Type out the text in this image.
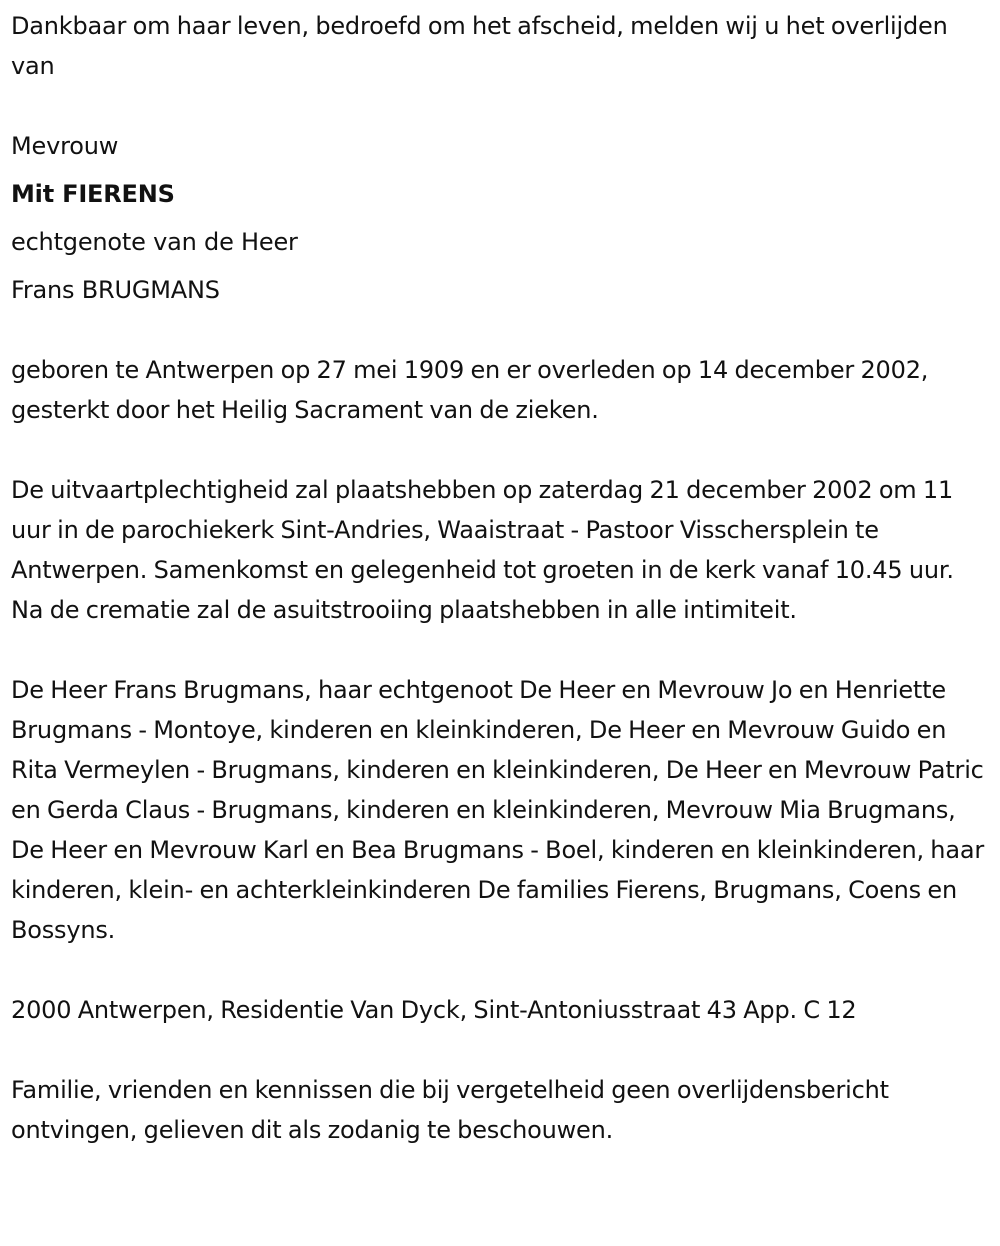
Dankbaar om haar leven, bedroefd om het afscheid, melden wij u het overlijden van

Mevrouw

Mit FIERENS

echtgenote van de Heer

Frans BRUGMANS

geboren te Antwerpen op 27 mei 1909 en er overleden op 14 december 2002, gesterkt door het Heilig Sacrament van de zieken.

De uitvaartplechtigheid zal plaatshebben op zaterdag 21 december 2002 om 11 uur in de parochiekerk Sint-Andries, Waaistraat - Pastoor Visschersplein te Antwerpen. Samenkomst en gelegenheid tot groeten in de kerk vanaf 10.45 uur. Na de crematie zal de asuitstrooiing plaatshebben in alle intimiteit.

De Heer Frans Brugmans, haar echtgenoot De Heer en Mevrouw Jo en Henriette Brugmans - Montoye, kinderen en kleinkinderen, De Heer en Mevrouw Guido en Rita Vermeylen - Brugmans, kinderen en kleinkinderen, De Heer en Mevrouw Patric en Gerda Claus - Brugmans, kinderen en kleinkinderen, Mevrouw Mia Brugmans, De Heer en Mevrouw Karl en Bea Brugmans - Boel, kinderen en kleinkinderen, haar kinderen, klein- en achterkleinkinderen De families Fierens, Brugmans, Coens en Bossyns.

2000 Antwerpen, Residentie Van Dyck, Sint-Antoniusstraat 43 App. C 12

Familie, vrienden en kennissen die bij vergetelheid geen overlijdensbericht ontvingen, gelieven dit als zodanig te beschouwen.
